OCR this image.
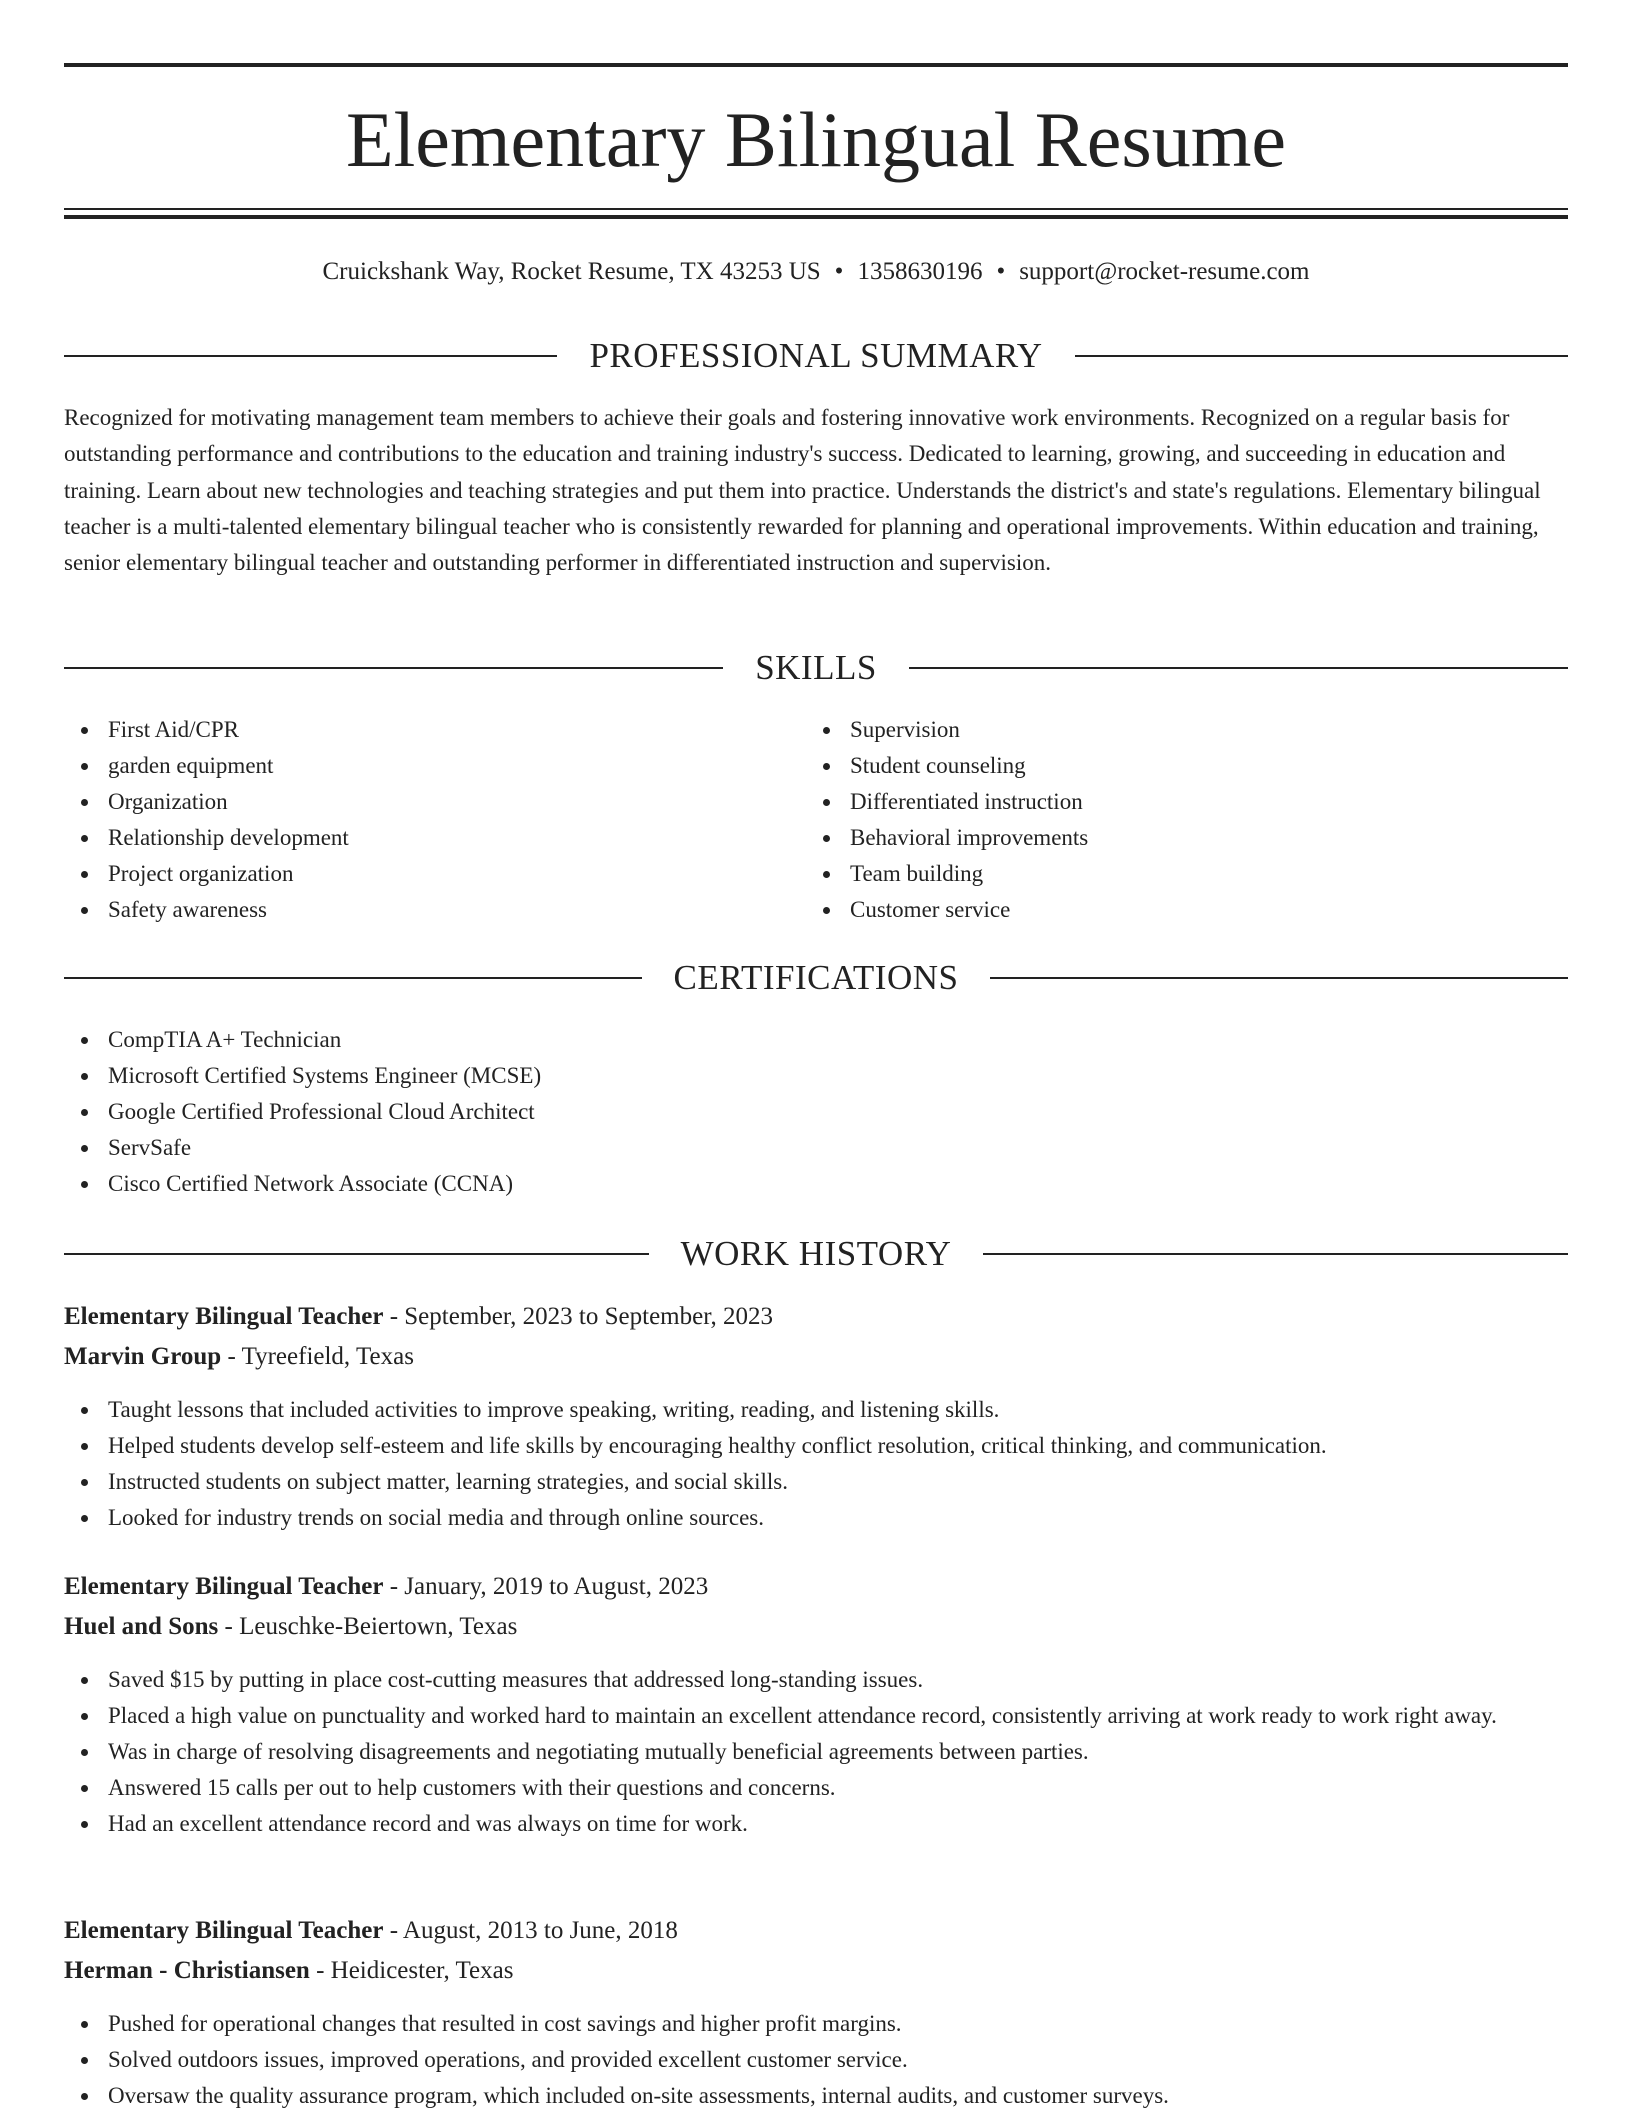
Elementary Bilingual Resume
Cruickshank Way, Rocket Resume, TX 43253 US • 1358630196 • support@rocket-resume.com
PROFESSIONAL SUMMARY

Recognized for motivating management team members to achieve their goals and fostering innovative work environments. Recognized on a regular basis for outstanding performance and contributions to the education and training industry's success. Dedicated to learning, growing, and succeeding in education and training. Learn about new technologies and teaching strategies and put them into practice. Understands the district's and state's regulations. Elementary bilingual teacher is a multi-talented elementary bilingual teacher who is consistently rewarded for planning and operational improvements. Within education and training, senior elementary bilingual teacher and outstanding performer in differentiated instruction and supervision.

SKILLS
First Aid/CPR
garden equipment
Organization
Relationship development
Project organization
Safety awareness
Supervision
Student counseling
Differentiated instruction
Behavioral improvements
Team building
Customer service
CERTIFICATIONS
CompTIA A+ Technician
Microsoft Certified Systems Engineer (MCSE)
Google Certified Professional Cloud Architect
ServSafe
Cisco Certified Network Associate (CCNA)
WORK HISTORY
Elementary Bilingual Teacher - September, 2023 to September, 2023
Marvin Group - Tyreefield, Texas
Taught lessons that included activities to improve speaking, writing, reading, and listening skills.
Helped students develop self-esteem and life skills by encouraging healthy conflict resolution, critical thinking, and communication.
Instructed students on subject matter, learning strategies, and social skills.
Looked for industry trends on social media and through online sources.
Elementary Bilingual Teacher - January, 2019 to August, 2023
Huel and Sons - Leuschke-Beiertown, Texas
Saved $15 by putting in place cost-cutting measures that addressed long-standing issues.
Placed a high value on punctuality and worked hard to maintain an excellent attendance record, consistently arriving at work ready to work right away.
Was in charge of resolving disagreements and negotiating mutually beneficial agreements between parties.
Answered 15 calls per out to help customers with their questions and concerns.
Had an excellent attendance record and was always on time for work.
Elementary Bilingual Teacher - August, 2013 to June, 2018
Herman - Christiansen - Heidicester, Texas
Pushed for operational changes that resulted in cost savings and higher profit margins.
Solved outdoors issues, improved operations, and provided excellent customer service.
Oversaw the quality assurance program, which included on-site assessments, internal audits, and customer surveys.
